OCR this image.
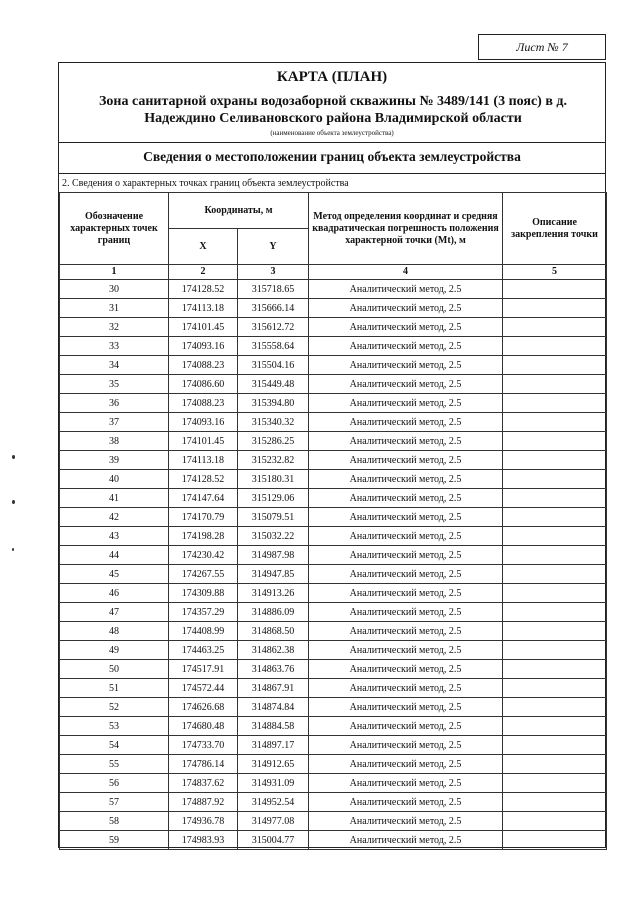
Лист № 7
КАРТА (ПЛАН)
Зона санитарной охраны водозаборной скважины № 3489/141 (3 пояс) в д.
Надеждино Селивановского района Владимирской области
(наименование объекта землеустройства)
Сведения о местоположении границ объекта землеустройства
2. Сведения о характерных точках границ объекта землеустройства
Обозначение характерных точек границ	Координаты, м		Метод определения координат и средняя квадратическая погрешность положения характерной точки (Mt), м	Описание закрепления точки
	X	Y		
1	2	3	4	5
30	174128.52	315718.65	Аналитический метод, 2.5	
31	174113.18	315666.14	Аналитический метод, 2.5	
32	174101.45	315612.72	Аналитический метод, 2.5	
33	174093.16	315558.64	Аналитический метод, 2.5	
34	174088.23	315504.16	Аналитический метод, 2.5	
35	174086.60	315449.48	Аналитический метод, 2.5	
36	174088.23	315394.80	Аналитический метод, 2.5	
37	174093.16	315340.32	Аналитический метод, 2.5	
38	174101.45	315286.25	Аналитический метод, 2.5	
39	174113.18	315232.82	Аналитический метод, 2.5	
40	174128.52	315180.31	Аналитический метод, 2.5	
41	174147.64	315129.06	Аналитический метод, 2.5	
42	174170.79	315079.51	Аналитический метод, 2.5	
43	174198.28	315032.22	Аналитический метод, 2.5	
44	174230.42	314987.98	Аналитический метод, 2.5	
45	174267.55	314947.85	Аналитический метод, 2.5	
46	174309.88	314913.26	Аналитический метод, 2.5	
47	174357.29	314886.09	Аналитический метод, 2.5	
48	174408.99	314868.50	Аналитический метод, 2.5	
49	174463.25	314862.38	Аналитический метод, 2.5	
50	174517.91	314863.76	Аналитический метод, 2.5	
51	174572.44	314867.91	Аналитический метод, 2.5	
52	174626.68	314874.84	Аналитический метод, 2.5	
53	174680.48	314884.58	Аналитический метод, 2.5	
54	174733.70	314897.17	Аналитический метод, 2.5	
55	174786.14	314912.65	Аналитический метод, 2.5	
56	174837.62	314931.09	Аналитический метод, 2.5	
57	174887.92	314952.54	Аналитический метод, 2.5	
58	174936.78	314977.08	Аналитический метод, 2.5	
59	174983.93	315004.77	Аналитический метод, 2.5	
